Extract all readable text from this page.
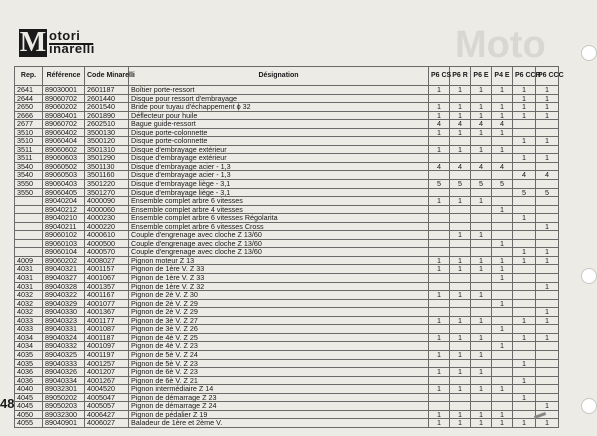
M otori
inarelli	Moto
Rep.	Référence	Code Minarelli	Désignation	P6 CS	P6 R	P6 E	P4 E	P6 CCR	P6 CCC
2641	89030001	2601187	Boîtier porte-ressort	1	1	1	1	1	1
2644	89060702	2601440	Disque pour ressort d'embrayage					1	1
2650	89060202	2601540	Bride pour tuyau d'échappement ϕ 32	1	1	1	1	1	1
2666	89080401	2601890	Déflecteur pour huile	1	1	1	1	1	1
2677	89060702	2602510	Bague guide-ressort	4	4	4	4		
3510	89060402	3500130	Disque porte-colonnette	1	1	1	1		
3510	89060404	3500120	Disque porte-colonnette					1	1
3511	89060602	3501310	Disque d'embrayage extérieur	1	1	1	1		
3511	89060603	3501290	Disque d'embrayage extérieur					1	1
3540	89060502	3501130	Disque d'embrayage acier - 1,3	4	4	4	4		
3540	89060503	3501160	Disque d'embrayage acier - 1,3					4	4
3550	89060403	3501220	Disque d'embrayage liège - 3,1	5	5	5	5		
3550	89060405	3501270	Disque d'embrayage liège - 3,1					5	5
	89040204	4000090	Ensemble complet arbre 6 vitesses	1	1	1			
	89040212	4000060	Ensemble complet arbre 4 vitesses				1		
	89040210	4000230	Ensemble complet arbre 6 vitesses Régolarita					1	
	89040211	4000220	Ensemble complet arbre 6 vitesses Cross						1
	89060102	4000610	Couple d'engrenage avec cloche Z 13/60		1	1			
	89060103	4000500	Couple d'engrenage avec cloche Z 13/60				1		
	89060104	4000570	Couple d'engrenage avec cloche Z 13/60					1	1
4009	89060202	4008027	Pignon moteur Z 13	1	1	1	1	1	1
4031	89040321	4001157	Pignon de 1ère V. Z 33	1	1	1	1		
4031	89040327	4001067	Pignon de 1ère V. Z 33				1		
4031	89040328	4001357	Pignon de 1ère V. Z 32						1
4032	89040322	4001167	Pignon de 2è V. Z 30	1	1	1			
4032	89040329	4001077	Pignon de 2è V. Z 29				1		
4032	89040330	4001367	Pignon de 2è V. Z 29						1
4033	89040323	4001177	Pignon de 3è V. Z 27	1	1	1		1	1
4033	89040331	4001087	Pignon de 3è V. Z 26				1		
4034	89040324	4001187	Pignon de 4è V. Z 25	1	1	1		1	1
4034	89040332	4001097	Pignon de 4è V. Z 23				1		
4035	89040325	4001197	Pignon de 5è V. Z 24	1	1	1			
4035	89040333	4001257	Pignon de 5è V. Z 23					1	
4036	89040326	4001207	Pignon de 6è V. Z 23	1	1	1			
4036	89040334	4001267	Pignon de 6è V. Z 21					1	
4040	89032301	4004520	Pignon intermédiaire Z 14	1	1	1	1		
4045	89050202	4005047	Pignon de démarrage Z 23					1	
4045	89050203	4005057	Pignon de démarrage Z 24						1
4050	89032300	4006427	Pignon de pédalier Z 19	1	1	1	1		
4055	89040901	4006027	Baladeur de 1ère et 2ème V.	1	1	1	1	1	1
48
